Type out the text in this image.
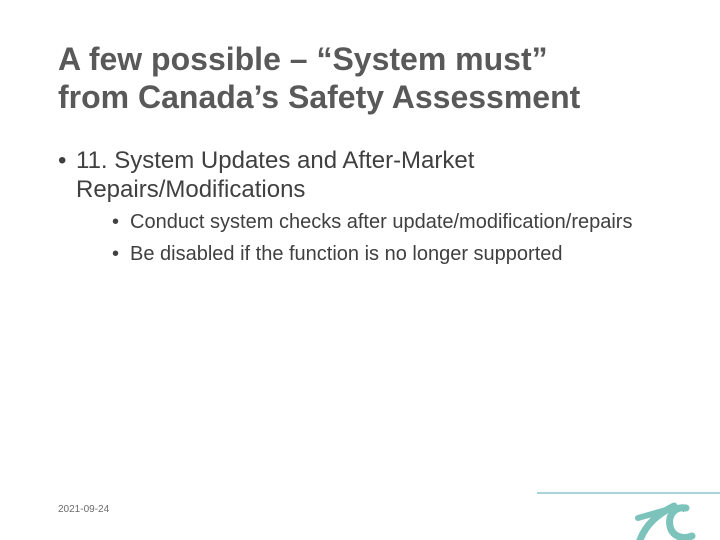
A few possible – “System must”
from Canada’s Safety Assessment
• 11. System Updates and After-Market Repairs/Modifications
• Conduct system checks after update/modification/repairs
• Be disabled if the function is no longer supported
2021-09-24	14
